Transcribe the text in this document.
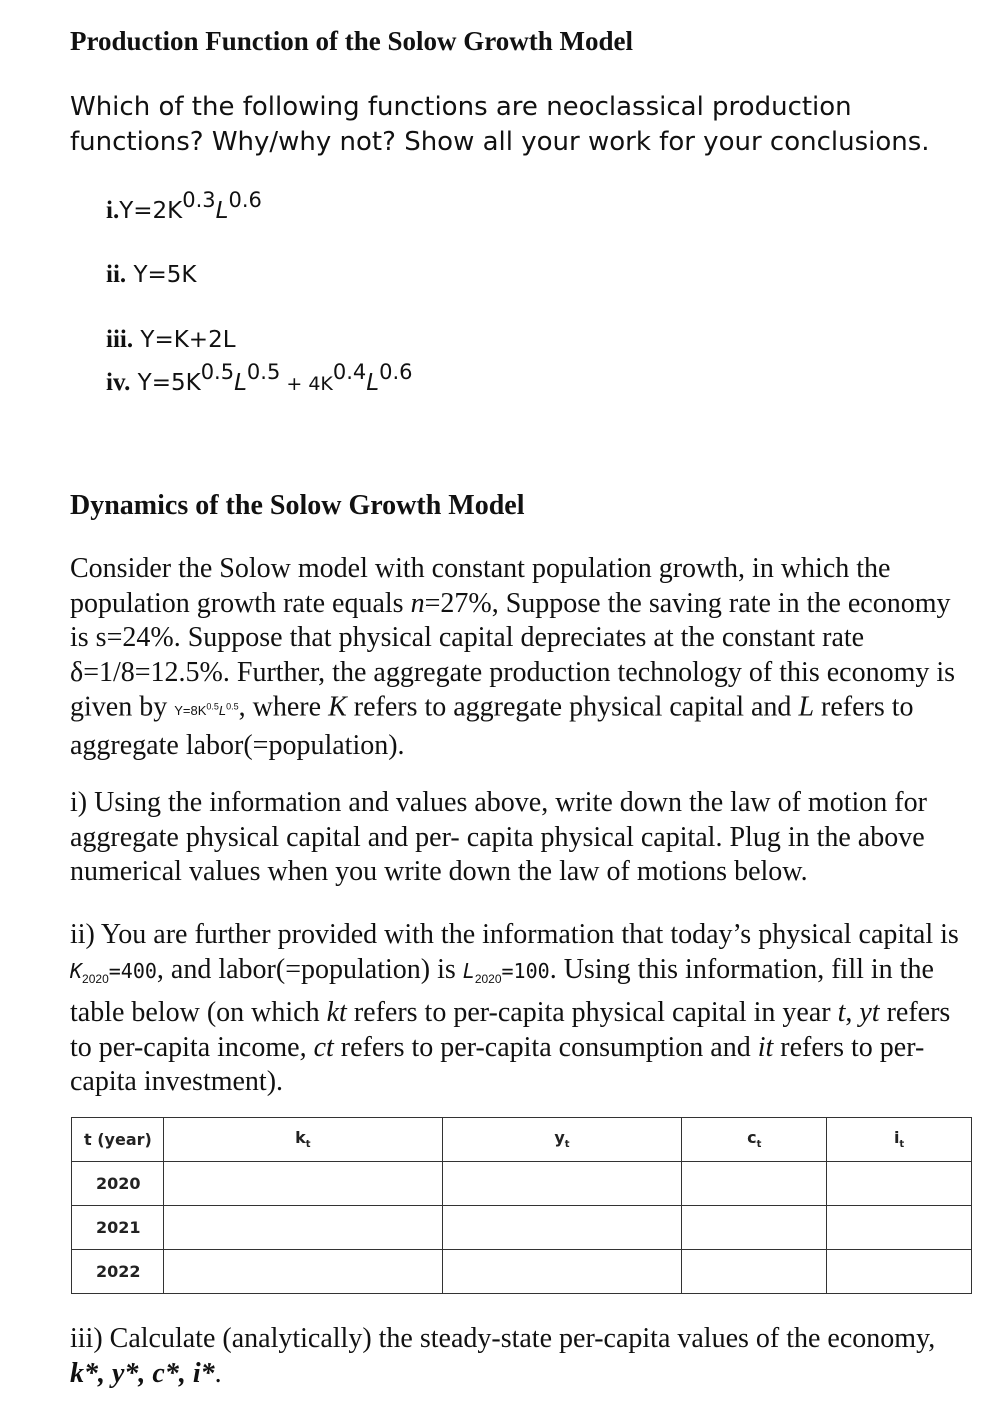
Production Function of the Solow Growth Model
Which of the following functions are neoclassical production functions? Why/why not? Show all your work for your conclusions.
$i.Y=2K^{0.3}L^{0.6}$
ii. Y=5K
iii. Y=K+2L
iv. $Y=5K^{0.5}L^{0.5} + 4K^{0.4}L^{0.6}$
Dynamics of the Solow Growth Model
Consider the Solow model with constant population growth, in which the population growth rate equals n=27%, Suppose the saving rate in the economy is s=24%. Suppose that physical capital depreciates at the constant rate δ=1/8=12.5%. Further, the aggregate production technology of this economy is given by $Y=8K^{0.5}L^{0.5}$, where K refers to aggregate physical capital and L refers to aggregate labor(=population).
i) Using the information and values above, write down the law of motion for aggregate physical capital and per- capita physical capital. Plug in the above numerical values when you write down the law of motions below.
ii) You are further provided with the information that today’s physical capital is $K_{2020}=400$, and labor(=population) is $L_{2020}=100$. Using this information, fill in the table below (on which kt refers to per-capita physical capital in year t, yt refers to per-capita income, ct refers to per-capita consumption and it refers to per- capita investment).
t (year)	$k_t$	$y_t$	$c_t$	$i_t$
2020				
2021				
2022				
iii) Calculate (analytically) the steady-state per-capita values of the economy, k*, y*, c*, i*.
